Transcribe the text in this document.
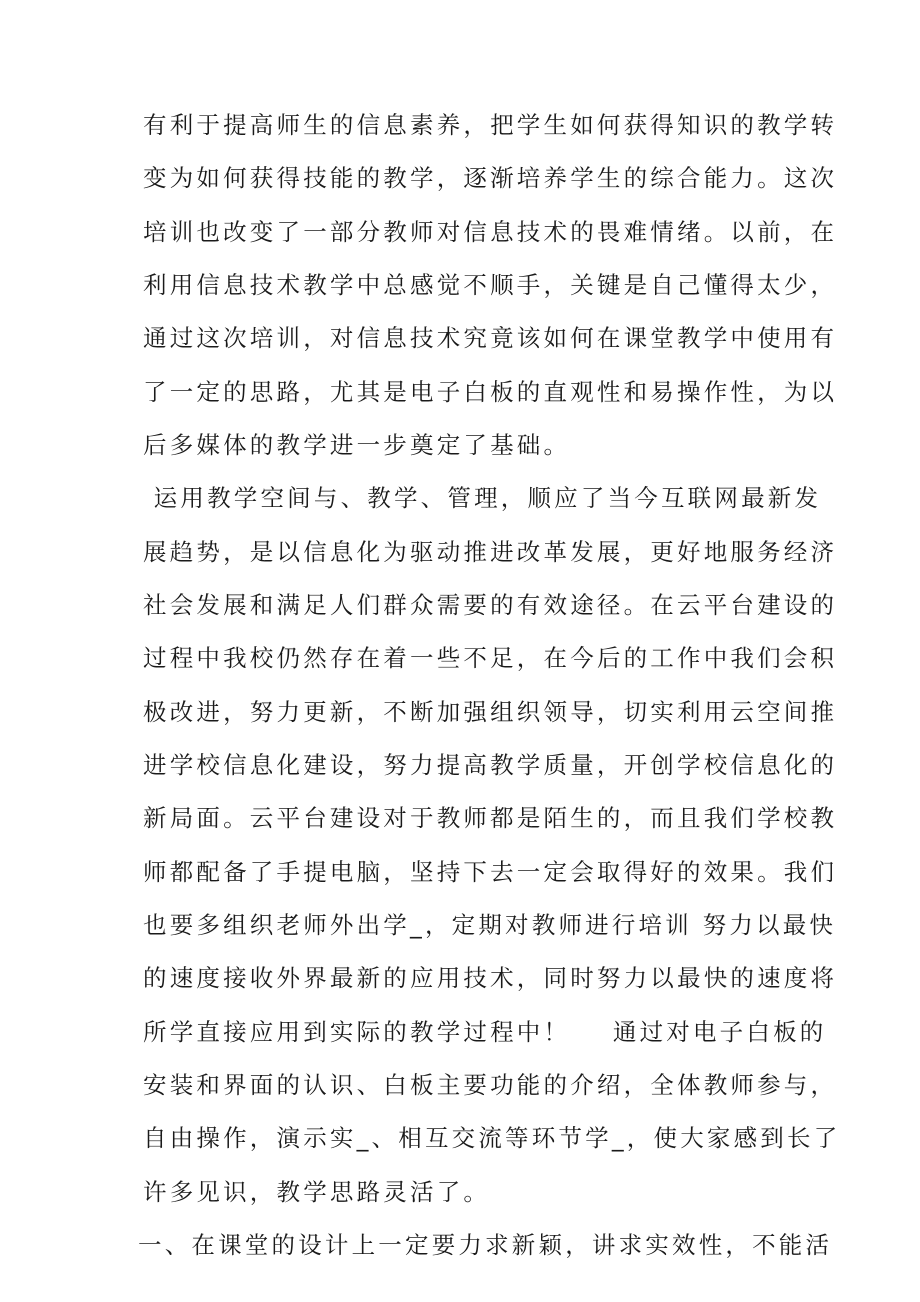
有利于提高师生的信息素养，把学生如何获得知识的教学转
变为如何获得技能的教学，逐渐培养学生的综合能力。这次
培训也改变了一部分教师对信息技术的畏难情绪。以前，在
利用信息技术教学中总感觉不顺手，关键是自己懂得太少，
通过这次培训，对信息技术究竟该如何在课堂教学中使用有
了一定的思路，尤其是电子白板的直观性和易操作性，为以
后多媒体的教学进一步奠定了基础。
运用教学空间与、教学、管理，顺应了当今互联网最新发
展趋势，是以信息化为驱动推进改革发展，更好地服务经济
社会发展和满足人们群众需要的有效途径。在云平台建设的
过程中我校仍然存在着一些不足，在今后的工作中我们会积
极改进，努力更新，不断加强组织领导，切实利用云空间推
进学校信息化建设，努力提高教学质量，开创学校信息化的
新局面。云平台建设对于教师都是陌生的，而且我们学校教
师都配备了手提电脑，坚持下去一定会取得好的效果。我们
也要多组织老师外出学_，定期对教师进行培训 努力以最快
的速度接收外界最新的应用技术，同时努力以最快的速度将
所学直接应用到实际的教学过程中！    通过对电子白板的
安装和界面的认识、白板主要功能的介绍，全体教师参与，
自由操作，演示实_、相互交流等环节学_，使大家感到长了
许多见识，教学思路灵活了。
一、在课堂的设计上一定要力求新颖，讲求实效性，不能活
